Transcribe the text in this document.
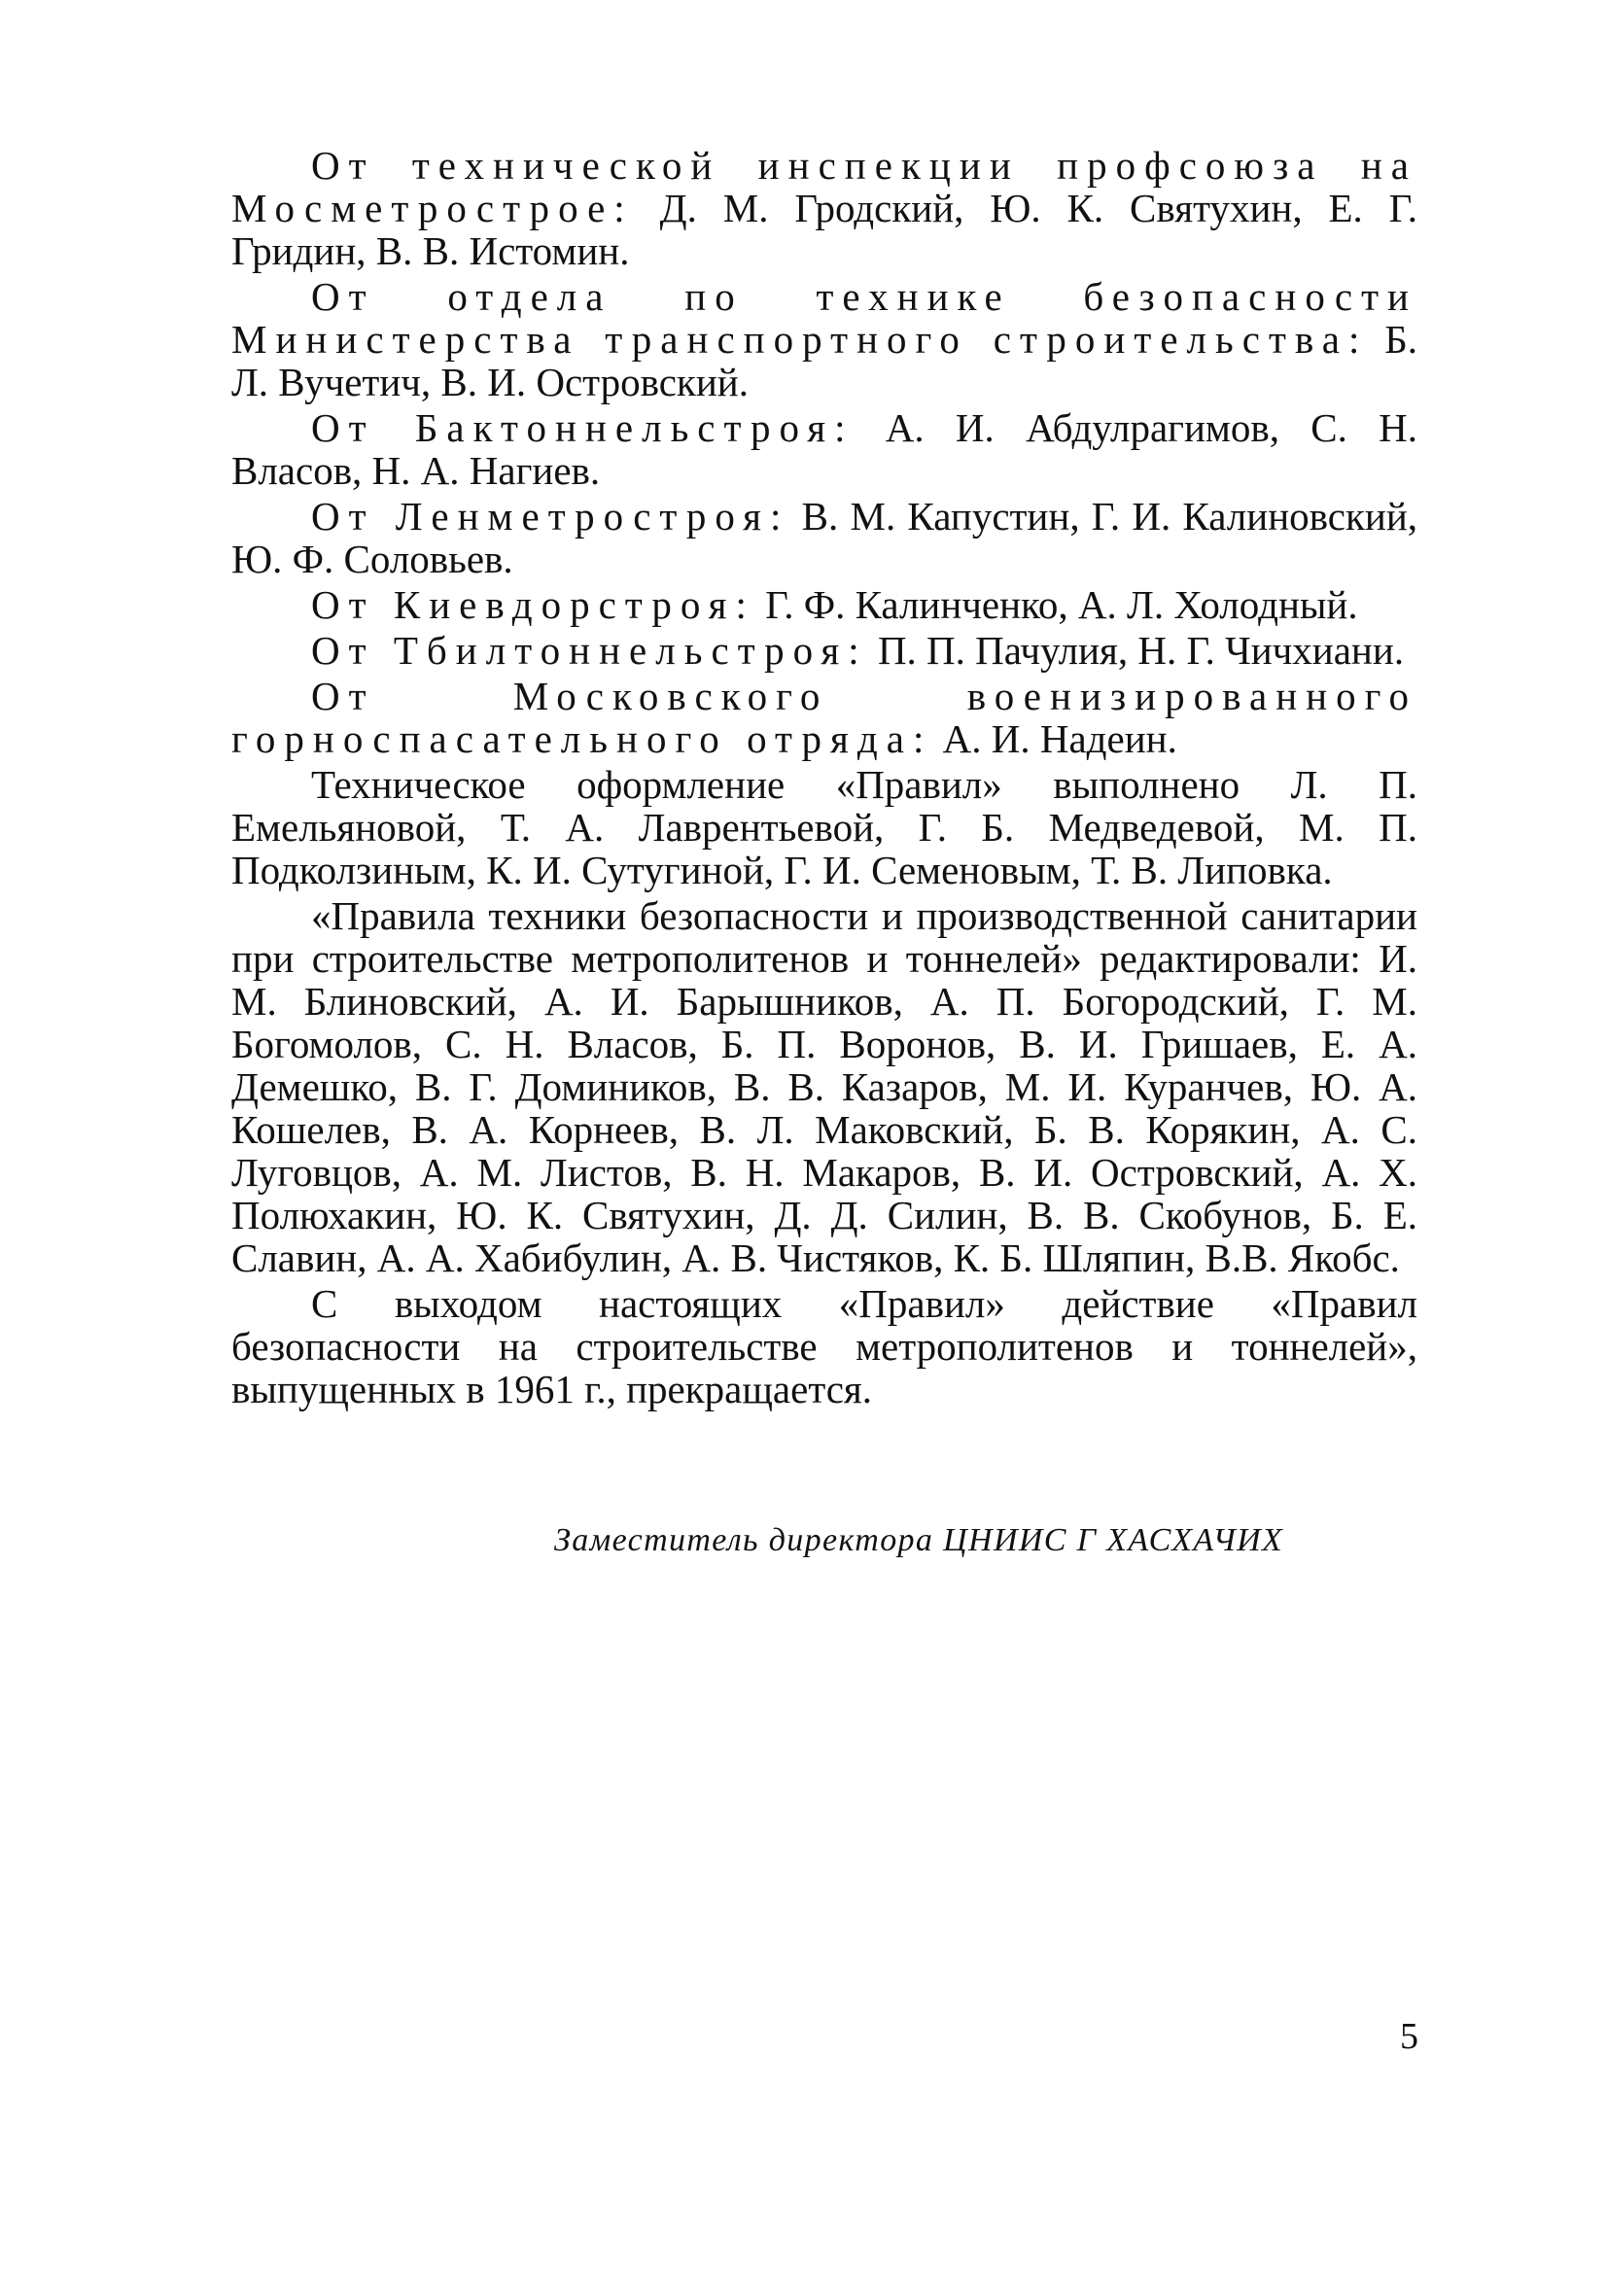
От технической инспекции профсоюза на Мосметрострое: Д. М. Гродский, Ю. К. Святухин, Е. Г. Гридин, В. В. Истомин.

От отдела по технике безопасности Министерства транспортного строительства: Б. Л. Вучетич, В. И. Островский.

От Бактоннельстроя: А. И. Абдулрагимов, С. Н. Власов, Н. А. Нагиев.

От Ленметростроя: В. М. Капустин, Г. И. Калиновский, Ю. Ф. Соловьев.

От Киевдорстроя: Г. Ф. Калинченко, А. Л. Холодный.

От Тбилтоннельстроя: П. П. Пачулия, Н. Г. Чичхиани.

От Московского военизированного горноспасательного отряда: А. И. Надеин.

Техническое оформление «Правил» выполнено Л. П. Емельяновой, Т. А. Лаврентьевой, Г. Б. Медведевой, М. П. Подколзиным, К. И. Сутугиной, Г. И. Семеновым, Т. В. Липовка.

«Правила техники безопасности и производственной санитарии при строительстве метрополитенов и тоннелей» редактировали: И. М. Блиновский, А. И. Барышников, А. П. Богородский, Г. М. Богомолов, С. Н. Власов, Б. П. Воронов, В. И. Гришаев, Е. А. Демешко, В. Г. Домиников, В. В. Казаров, М. И. Куранчев, Ю. А. Кошелев, В. А. Корнеев, В. Л. Маковский, Б. В. Корякин, А. С. Луговцов, А. М. Листов, В. Н. Макаров, В. И. Островский, А. Х. Полюхакин, Ю. К. Святухин, Д. Д. Силин, В. В. Скобунов, Б. Е. Славин, А. А. Хабибулин, А. В. Чистяков, К. Б. Шляпин, В.В. Якобс.

С выходом настоящих «Правил» действие «Правил безопасности на строительстве метрополитенов и тоннелей», выпущенных в 1961 г., прекращается.

Заместитель директора ЦНИИС Г ХАСХАЧИХ
5
